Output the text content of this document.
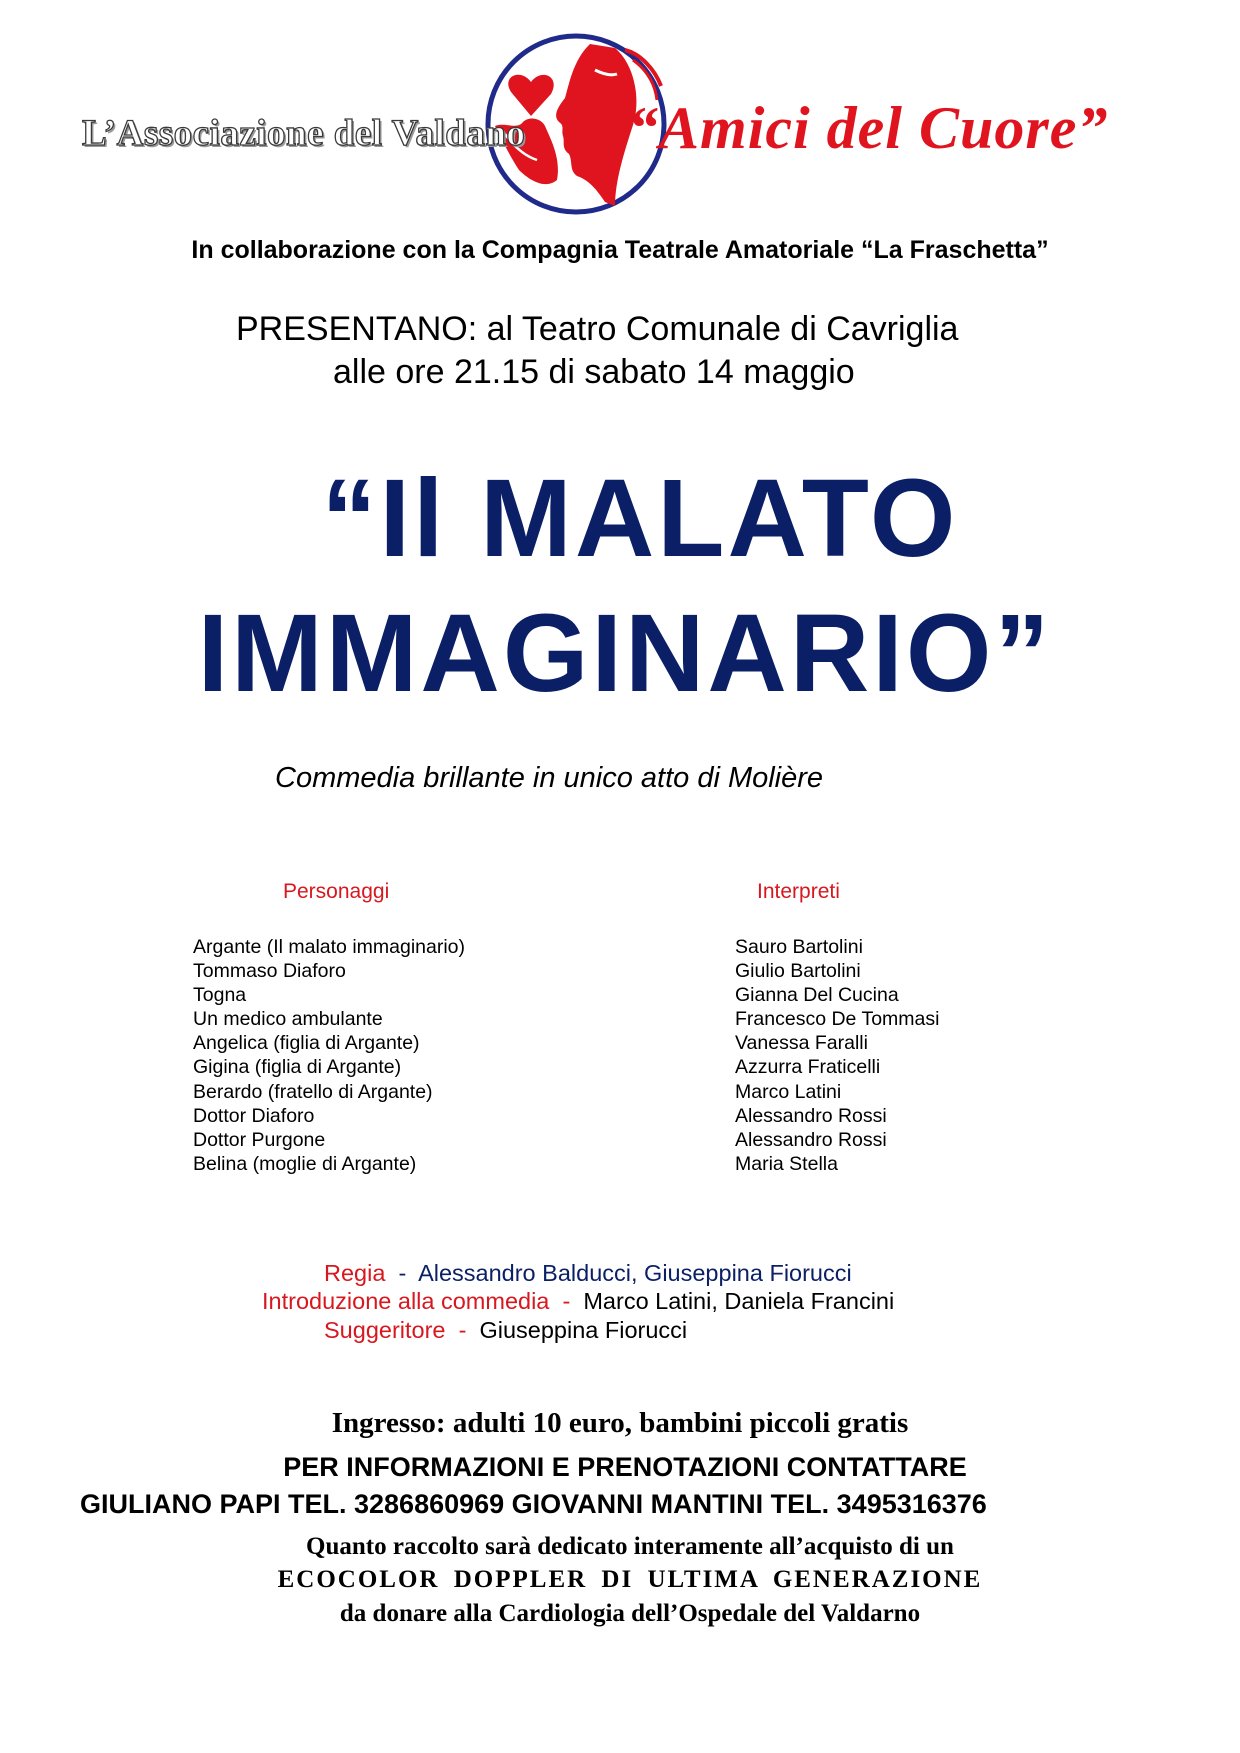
L’Associazione del Valdano “Amici del Cuore”
In collaborazione con la Compagnia Teatrale Amatoriale “La Fraschetta”
PRESENTANO: al Teatro Comunale di Cavriglia
alle ore 21.15 di sabato 14 maggio
“Il MALATO
IMMAGINARIO”
Commedia brillante in unico atto di Molière
Personaggi	Interpreti
Argante (Il malato immaginario)
Tommaso Diaforo
Togna
Un medico ambulante
Angelica (figlia di Argante)
Gigina (figlia di Argante)
Berardo (fratello di Argante)
Dottor Diaforo
Dottor Purgone
Belina (moglie di Argante)
Sauro Bartolini
Giulio Bartolini
Gianna Del Cucina
Francesco De Tommasi
Vanessa Faralli
Azzurra Fraticelli
Marco Latini
Alessandro Rossi
Alessandro Rossi
Maria Stella
Regia - Alessandro Balducci, Giuseppina Fiorucci
Introduzione alla commedia - Marco Latini, Daniela Francini
Suggeritore - Giuseppina Fiorucci
Ingresso: adulti 10 euro, bambini piccoli gratis
PER INFORMAZIONI E PRENOTAZIONI CONTATTARE
GIULIANO PAPI TEL. 3286860969 GIOVANNI MANTINI TEL. 3495316376
Quanto raccolto sarà dedicato interamente all’acquisto di un
ECOCOLOR DOPPLER DI ULTIMA GENERAZIONE
da donare alla Cardiologia dell’Ospedale del Valdarno
